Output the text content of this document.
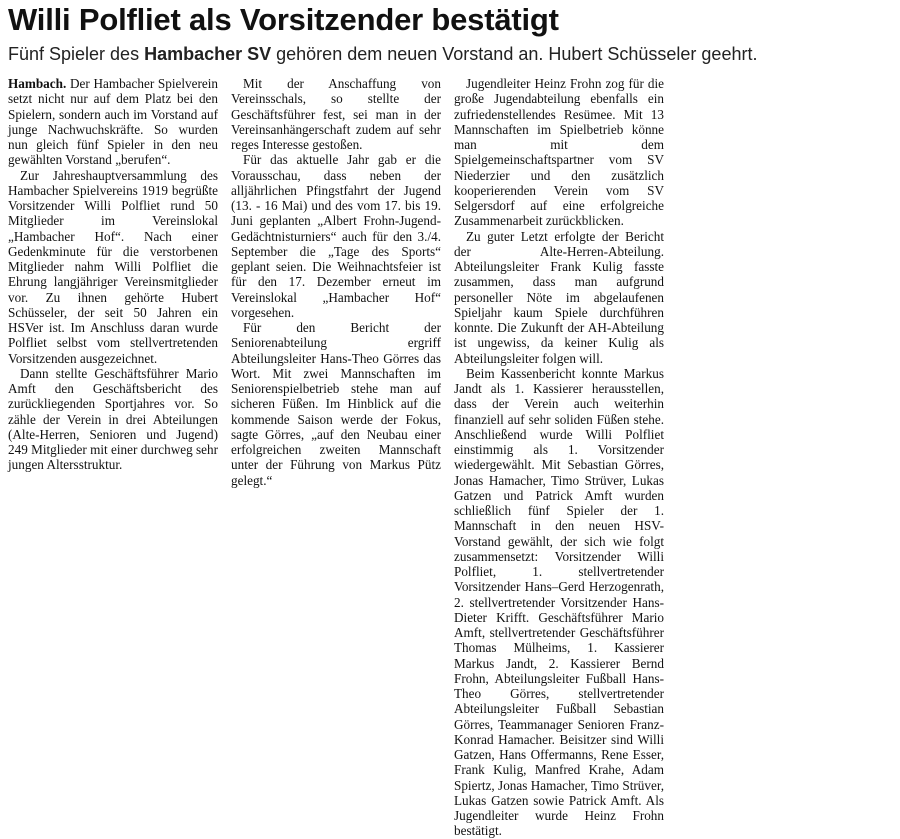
Willi Polfliet als Vorsitzender bestätigt
Fünf Spieler des Hambacher SV gehören dem neuen Vorstand an. Hubert Schüsseler geehrt.

Hambach. Der Hambacher Spielverein setzt nicht nur auf dem Platz bei den Spielern, sondern auch im Vorstand auf junge Nachwuchskräfte. So wurden nun gleich fünf Spieler in den neu gewählten Vorstand „berufen“.

Zur Jahreshauptversammlung des Hambacher Spielvereins 1919 begrüßte Vorsitzender Willi Polfliet rund 50 Mitglieder im Vereinslokal „Hambacher Hof“. Nach einer Gedenkminute für die verstorbenen Mitglieder nahm Willi Polfliet die Ehrung langjähriger Vereinsmitglieder vor. Zu ihnen gehörte Hubert Schüsseler, der seit 50 Jahren ein HSVer ist. Im Anschluss daran wurde Polfliet selbst vom stellvertretenden Vorsitzenden ausgezeichnet.

Dann stellte Geschäftsführer Mario Amft den Geschäftsbericht des zurückliegenden Sportjahres vor. So zähle der Verein in drei Abteilungen (Alte-Herren, Senioren und Jugend) 249 Mitglieder mit einer durchweg sehr jungen Altersstruktur.

Mit der Anschaffung von Vereinsschals, so stellte der Geschäftsführer fest, sei man in der Vereinsanhängerschaft zudem auf sehr reges Interesse gestoßen.

Für das aktuelle Jahr gab er die Vorausschau, dass neben der alljährlichen Pfingstfahrt der Jugend (13. - 16 Mai) und des vom 17. bis 19. Juni geplanten „Albert Frohn-Jugend-Gedächtnisturniers“ auch für den 3./4. September die „Tage des Sports“ geplant seien. Die Weihnachtsfeier ist für den 17. Dezember erneut im Vereinslokal „Hambacher Hof“ vorgesehen.

Für den Bericht der Seniorenabteilung ergriff Abteilungsleiter Hans-Theo Görres das Wort. Mit zwei Mannschaften im Seniorenspielbetrieb stehe man auf sicheren Füßen. Im Hinblick auf die kommende Saison werde der Fokus, sagte Görres, „auf den Neubau einer erfolgreichen zweiten Mannschaft unter der Führung von Markus Pütz gelegt.“

Jugendleiter Heinz Frohn zog für die große Jugendabteilung ebenfalls ein zufriedenstellendes Resümee. Mit 13 Mannschaften im Spielbetrieb könne man mit dem Spielgemeinschaftspartner vom SV Niederzier und den zusätzlich kooperierenden Verein vom SV Selgersdorf auf eine erfolgreiche Zusammenarbeit zurückblicken.

Zu guter Letzt erfolgte der Bericht der Alte-Herren-Abteilung. Abteilungsleiter Frank Kulig fasste zusammen, dass man aufgrund personeller Nöte im abgelaufenen Spieljahr kaum Spiele durchführen konnte. Die Zukunft der AH-Abteilung ist ungewiss, da keiner Kulig als Abteilungsleiter folgen will.

Beim Kassenbericht konnte Markus Jandt als 1. Kassierer herausstellen, dass der Verein auch weiterhin finanziell auf sehr soliden Füßen stehe. Anschließend wurde Willi Polfliet einstimmig als 1. Vorsitzender wiedergewählt. Mit Sebastian Görres, Jonas Hamacher, Timo Strüver, Lukas Gatzen und Patrick Amft wurden schließlich fünf Spieler der 1. Mannschaft in den neuen HSV-Vorstand gewählt, der sich wie folgt zusammensetzt: Vorsitzender Willi Polfliet, 1. stellvertretender Vorsitzender Hans–Gerd Herzogenrath, 2. stellvertretender Vorsitzender Hans-Dieter Krifft. Geschäftsführer Mario Amft, stellvertretender Geschäftsführer Thomas Mülheims, 1. Kassierer Markus Jandt, 2. Kassierer Bernd Frohn, Abteilungsleiter Fußball Hans-Theo Görres, stellvertretender Abteilungsleiter Fußball Sebastian Görres, Teammanager Senioren Franz-Konrad Hamacher. Beisitzer sind Willi Gatzen, Hans Offermanns, Rene Esser, Frank Kulig, Manfred Krahe, Adam Spiertz, Jonas Hamacher, Timo Strüver, Lukas Gatzen sowie Patrick Amft. Als Jugendleiter wurde Heinz Frohn bestätigt.
